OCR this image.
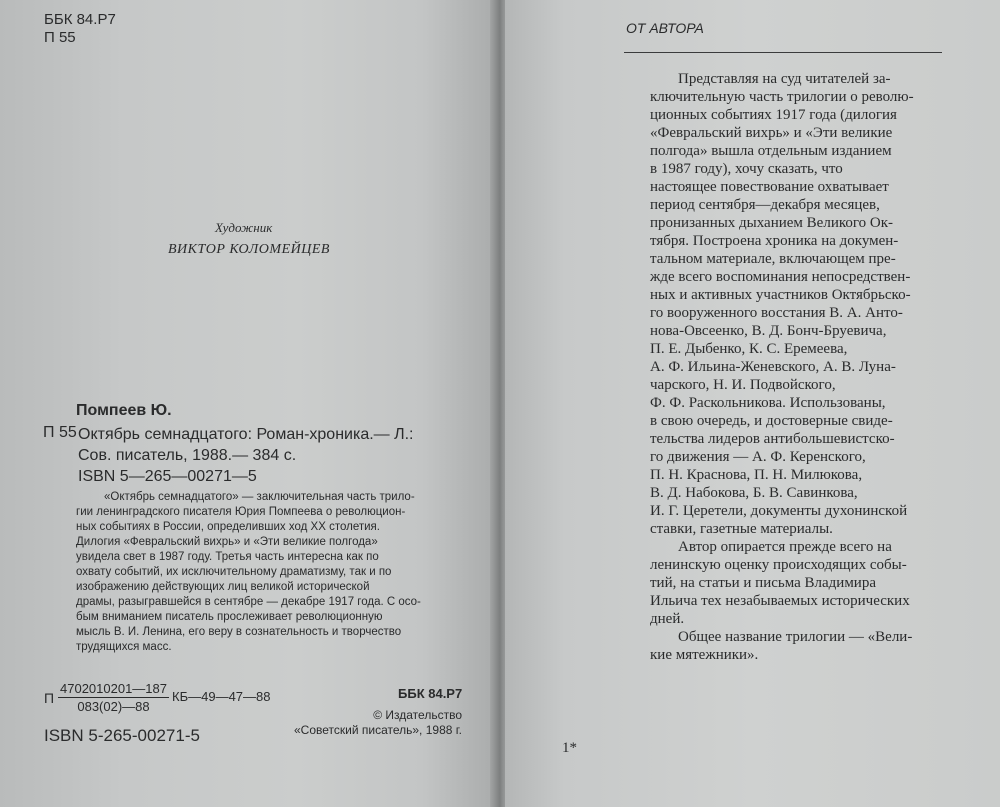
ББК 84.Р7
П 55
Художник
ВИКТОР КОЛОМЕЙЦЕВ
Помпеев Ю.
П 55 Октябрь семнадцатого: Роман-хроника.— Л.:
Сов. писатель, 1988.— 384 с.
ISBN 5—265—00271—5

«Октябрь семнадцатого» — заключительная часть трило-

гии ленинградского писателя Юрия Помпеева о революцион-

ных событиях в России, определивших ход XX столетия.

Дилогия «Февральский вихрь» и «Эти великие полгода»

увидела свет в 1987 году. Третья часть интересна как по

охвату событий, их исключительному драматизму, так и по

изображению действующих лиц великой исторической

драмы, разыгравшейся в сентябре — декабре 1917 года. С осо-

бым вниманием писатель прослеживает революционную

мысль В. И. Ленина, его веру в сознательность и творчество

трудящихся масс.

П $\frac{4702010201—187}{083(02)—88}$ КБ—49—47—88	ББК 84.Р7
© Издательство
«Советский писатель», 1988 г.
ISBN 5-265-00271-5
ОТ АВТОРА
Представляя на суд читателей за-
ключительную часть трилогии о револю-
ционных событиях 1917 года (дилогия
«Февральский вихрь» и «Эти великие
полгода» вышла отдельным изданием
в 1987 году), хочу сказать, что
настоящее повествование охватывает
период сентября—декабря месяцев,
пронизанных дыханием Великого Ок-
тября. Построена хроника на докумен-
тальном материале, включающем пре-
жде всего воспоминания непосредствен-
ных и активных участников Октябрьско-
го вооруженного восстания В. А. Анто-
нова-Овсеенко, В. Д. Бонч-Бруевича,
П. Е. Дыбенко, К. С. Еремеева,
А. Ф. Ильина-Женевского, А. В. Луна-
чарского, Н. И. Подвойского,
Ф. Ф. Раскольникова. Использованы,
в свою очередь, и достоверные свиде-
тельства лидеров антибольшевистско-
го движения — А. Ф. Керенского,
П. Н. Краснова, П. Н. Милюкова,
В. Д. Набокова, Б. В. Савинкова,
И. Г. Церетели, документы духонинской
ставки, газетные материалы.
Автор опирается прежде всего на
ленинскую оценку происходящих собы-
тий, на статьи и письма Владимира
Ильича тех незабываемых исторических
дней.
Общее название трилогии — «Вели-
кие мятежники».
1*
